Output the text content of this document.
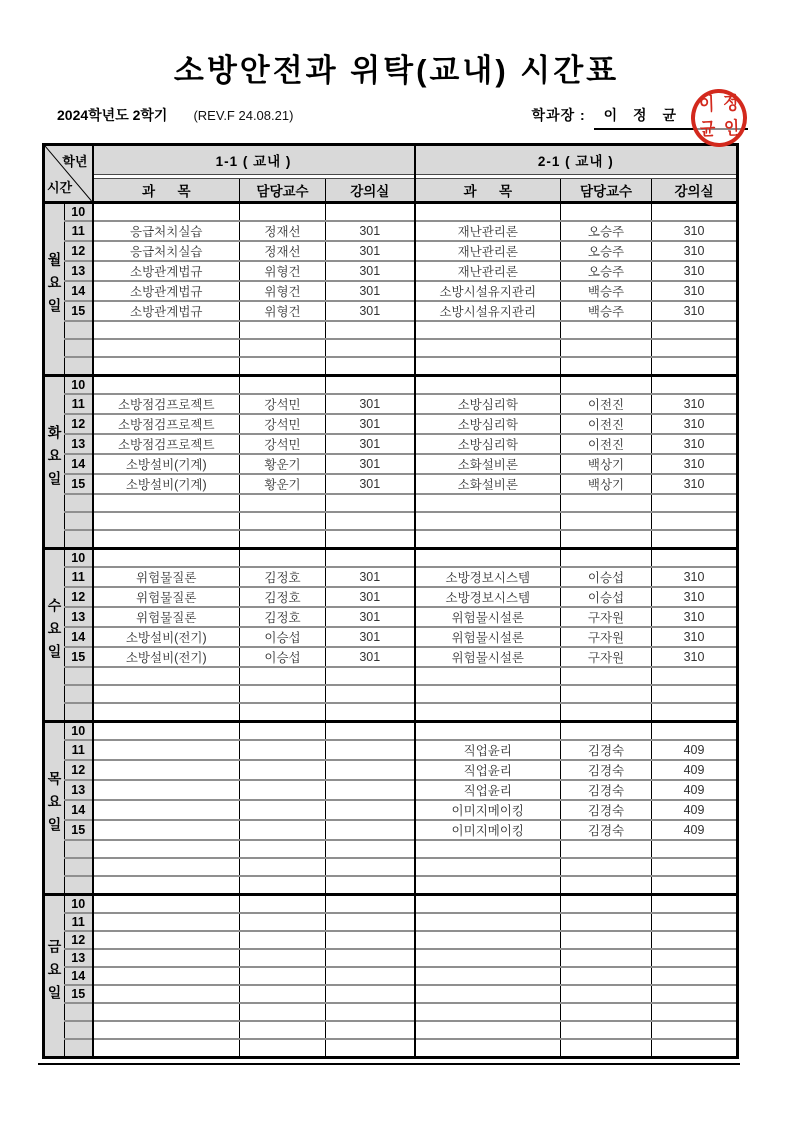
소방안전과 위탁(교내) 시간표
2024학년도 2학기 (REV.F 24.08.21)	학과장 :	이 정 균	이 정
균 인
학년
시간		1-1 ( 교내 )			2-1 ( 교내 )		

		과      목	담당교수	강의실	과      목	담당교수	강의실
월요일	10						
	11	응급처치실습	정재선	301	재난관리론	오승주	310
	12	응급처치실습	정재선	301	재난관리론	오승주	310
	13	소방관계법규	위형건	301	재난관리론	오승주	310
	14	소방관계법규	위형건	301	소방시설유지관리	백승주	310
	15	소방관계법규	위형건	301	소방시설유지관리	백승주	310

화요일	10						
	11	소방점검프로젝트	강석민	301	소방심리학	이전진	310
	12	소방점검프로젝트	강석민	301	소방심리학	이전진	310
	13	소방점검프로젝트	강석민	301	소방심리학	이전진	310
	14	소방설비(기계)	황운기	301	소화설비론	백상기	310
	15	소방설비(기계)	황운기	301	소화설비론	백상기	310

수요일	10						
	11	위험물질론	김정호	301	소방경보시스템	이승섭	310
	12	위험물질론	김정호	301	소방경보시스템	이승섭	310
	13	위험물질론	김정호	301	위험물시설론	구자원	310
	14	소방설비(전기)	이승섭	301	위험물시설론	구자원	310
	15	소방설비(전기)	이승섭	301	위험물시설론	구자원	310

목요일	10						
	11				직업윤리	김경숙	409
	12				직업윤리	김경숙	409
	13				직업윤리	김경숙	409
	14				이미지메이킹	김경숙	409
	15				이미지메이킹	김경숙	409

금요일	10						
	11						
	12						
	13						
	14						
	15						
